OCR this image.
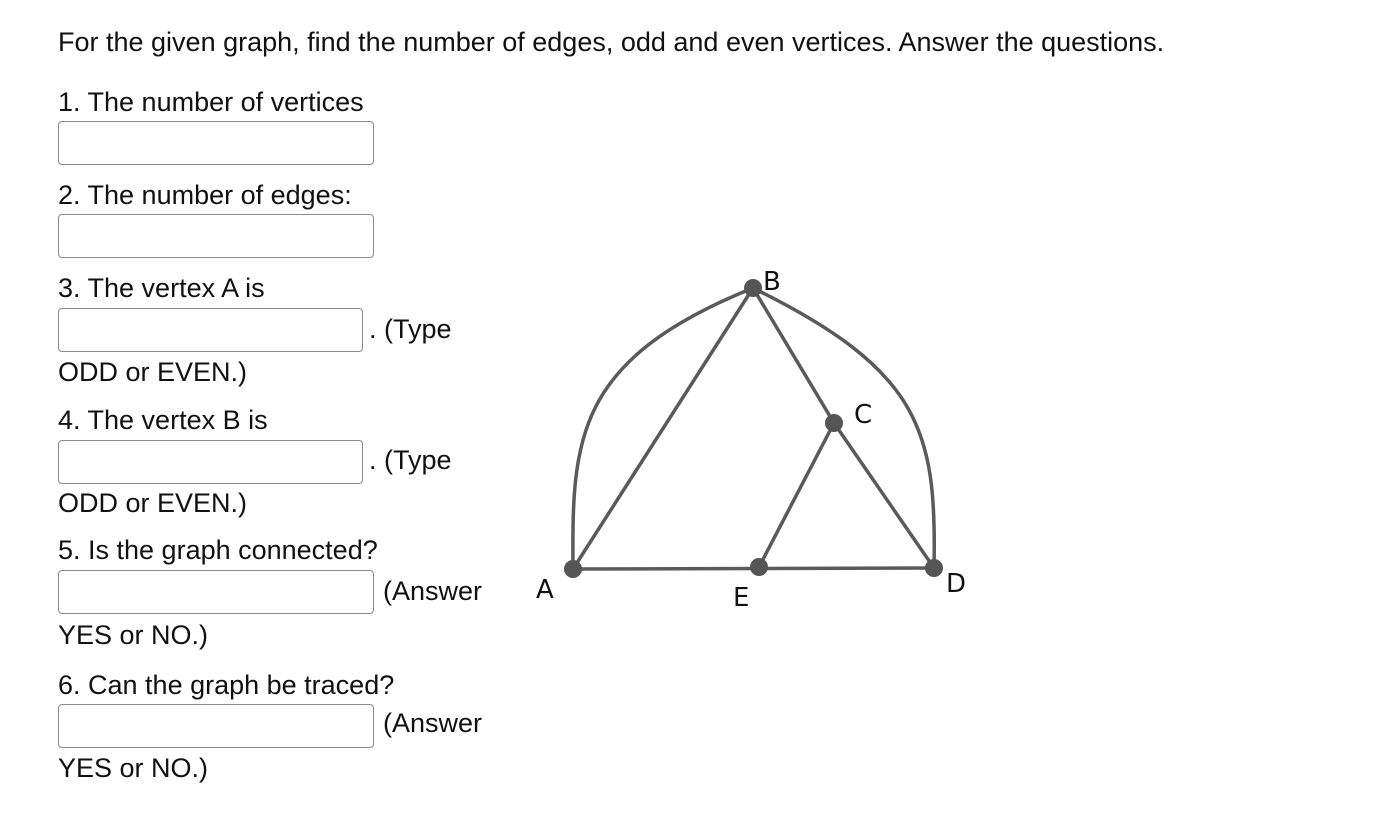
For the given graph, find the number of edges, odd and even vertices. Answer the questions.
1. The number of vertices
2. The number of edges:
3. The vertex A is
. (Type
ODD or EVEN.)
4. The vertex B is
. (Type
ODD or EVEN.)
5. Is the graph connected?
(Answer
YES or NO.)
6. Can the graph be traced?
(Answer
YES or NO.)
A
B
C
D
E
